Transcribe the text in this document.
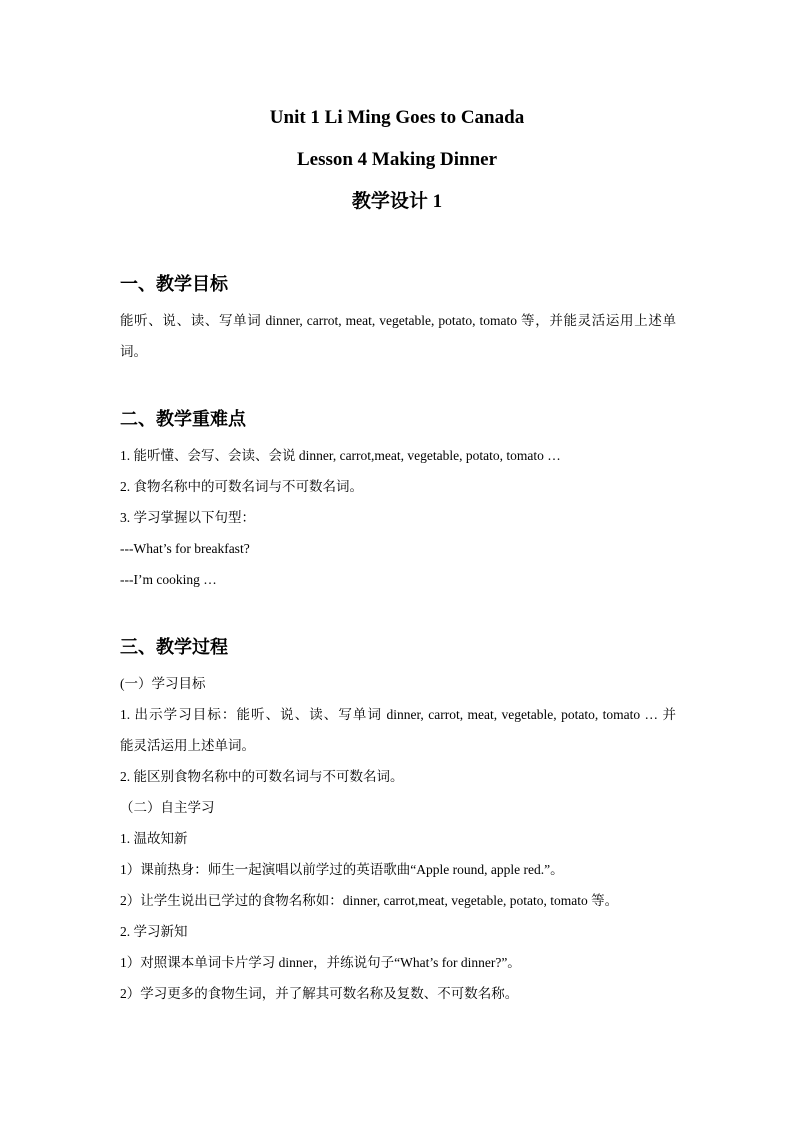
Unit 1 Li Ming Goes to Canada
Lesson 4 Making Dinner
教学设计 1
一、教学目标
能听、说、读、写单词 dinner, carrot, meat, vegetable, potato, tomato 等，并能灵活运用上述单
词。
二、教学重难点
1. 能听懂、会写、会读、会说 dinner, carrot,meat, vegetable, potato, tomato …
2. 食物名称中的可数名词与不可数名词。
3. 学习掌握以下句型：
---What’s for breakfast?
---I’m cooking …
三、教学过程
(一）学习目标
1. 出示学习目标：能听、说、读、写单词 dinner, carrot, meat, vegetable, potato, tomato … 并
能灵活运用上述单词。
2. 能区别食物名称中的可数名词与不可数名词。
（二）自主学习
1. 温故知新
1）课前热身：师生一起演唱以前学过的英语歌曲“Apple round, apple red.”。
2）让学生说出已学过的食物名称如：dinner, carrot,meat, vegetable, potato, tomato 等。
2. 学习新知
1）对照课本单词卡片学习 dinner，并练说句子“What’s for dinner?”。
2）学习更多的食物生词，并了解其可数名称及复数、不可数名称。
